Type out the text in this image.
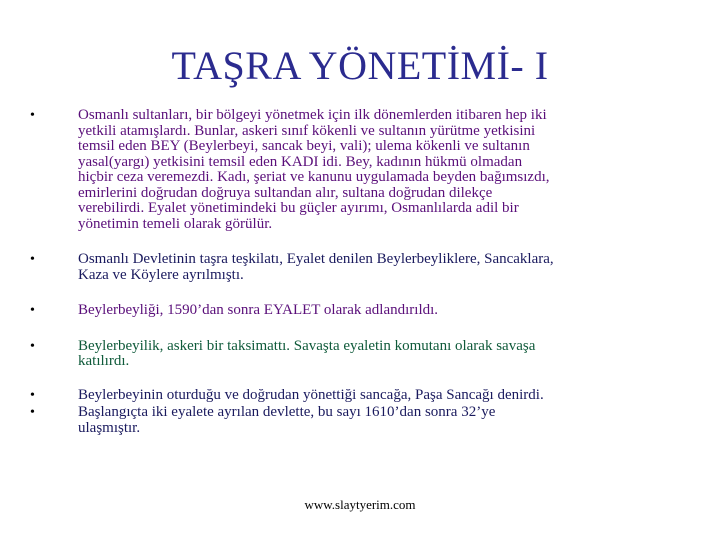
TAŞRA YÖNETİMİ- I
•	Osmanlı sultanları, bir bölgeyi yönetmek için ilk dönemlerden itibaren hep iki
yetkili atamışlardı. Bunlar, askeri sınıf kökenli ve sultanın yürütme yetkisini
temsil eden BEY (Beylerbeyi, sancak beyi, vali); ulema kökenli ve sultanın
yasal(yargı) yetkisini temsil eden KADI idi. Bey, kadının hükmü olmadan
hiçbir ceza veremezdi. Kadı, şeriat ve kanunu uygulamada beyden bağımsızdı,
emirlerini doğrudan doğruya sultandan alır, sultana doğrudan dilekçe
verebilirdi. Eyalet yönetimindeki bu güçler ayırımı, Osmanlılarda adil bir
yönetimin temeli olarak görülür.
•	Osmanlı Devletinin taşra teşkilatı, Eyalet denilen Beylerbeyliklere, Sancaklara,
Kaza ve Köylere ayrılmıştı.
•	Beylerbeyliği, 1590’dan sonra EYALET olarak adlandırıldı.
•	Beylerbeyilik, askeri bir taksimattı. Savaşta eyaletin komutanı olarak savaşa
katılırdı.
•	Beylerbeyinin oturduğu ve doğrudan yönettiği sancağa, Paşa Sancağı denirdi.
•	Başlangıçta iki eyalete ayrılan devlette, bu sayı 1610’dan sonra 32’ye
ulaşmıştır.
www.slaytyerim.com
